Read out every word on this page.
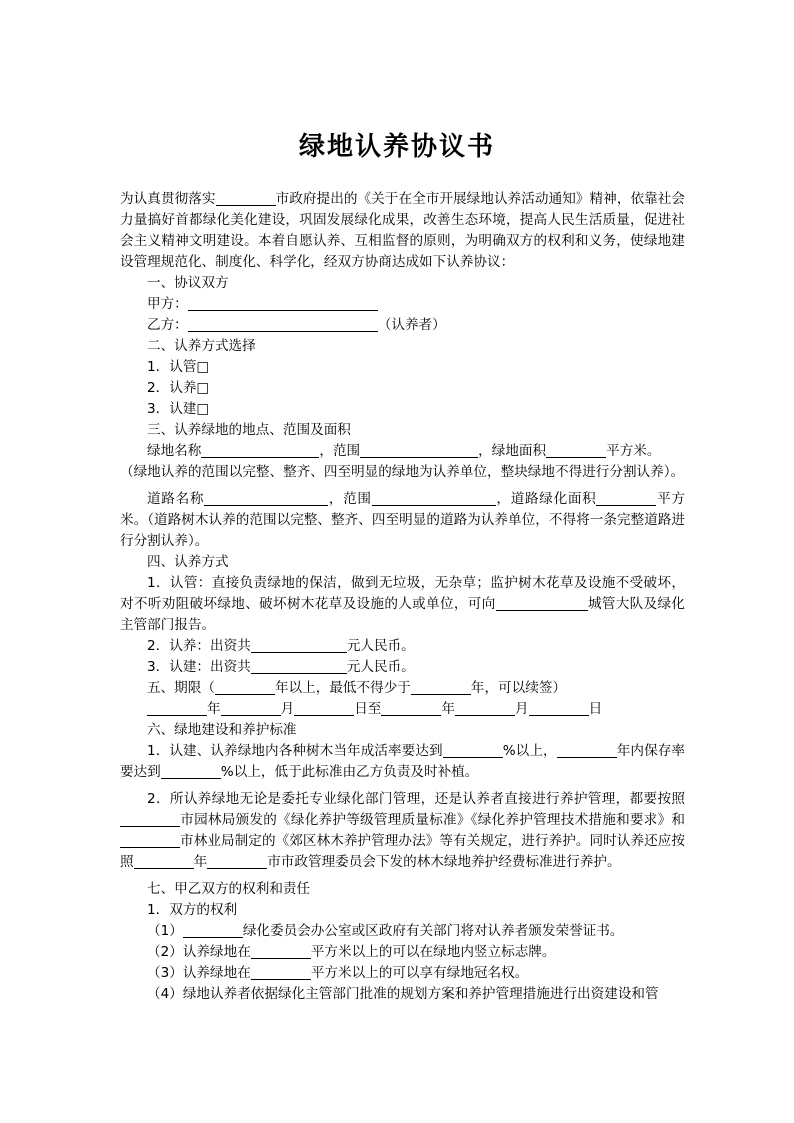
绿地认养协议书

为认真贯彻落实	市政府提出的《关于在全市开展绿地认养活动通知》精神，依靠社会力量搞好首都绿化美化建设，巩固发展绿化成果，改善生态环境，提高人民生活质量，促进社会主义精神文明建设。本着自愿认养、互相监督的原则，为明确双方的权利和义务，使绿地建设管理规范化、制度化、科学化，经双方协商达成如下认养协议：

一、协议双方

甲方：

乙方：	（认养者）

二、认养方式选择

1．认管□

2．认养□

3．认建□

三、认养绿地的地点、范围及面积

绿地名称	，范围	，绿地面积	平方米。

（绿地认养的范围以完整、整齐、四至明显的绿地为认养单位，整块绿地不得进行分割认养）。

道路名称	，范围	，道路绿化面积	平方米。（道路树木认养的范围以完整、整齐、四至明显的道路为认养单位，不得将一条完整道路进行分割认养）。

四、认养方式

1．认管：直接负责绿地的保洁，做到无垃圾，无杂草；监护树木花草及设施不受破坏，对不听劝阻破坏绿地、破坏树木花草及设施的人或单位，可向	城管大队及绿化主管部门报告。

2．认养：出资共	元人民币。

3．认建：出资共	元人民币。

五、期限（	年以上，最低不得少于	年，可以续签）

年	月	日至	年	月	日

六、绿地建设和养护标准

1．认建、认养绿地内各种树木当年成活率要达到	%以上，	年内保存率要达到	%以上，低于此标准由乙方负责及时补植。

2．所认养绿地无论是委托专业绿化部门管理，还是认养者直接进行养护管理，都要按照市园林局颁发的《绿化养护等级管理质量标准》《绿化养护管理技术措施和要求》和市林业局制定的《郊区林木养护管理办法》等有关规定，进行养护。同时认养还应按照	年	市市政管理委员会下发的林木绿地养护经费标准进行养护。

七、甲乙双方的权利和责任

1．双方的权利

（1）	绿化委员会办公室或区政府有关部门将对认养者颁发荣誉证书。

（2）认养绿地在	平方米以上的可以在绿地内竖立标志牌。

（3）认养绿地在	平方米以上的可以享有绿地冠名权。

（4）绿地认养者依据绿化主管部门批准的规划方案和养护管理措施进行出资建设和管
